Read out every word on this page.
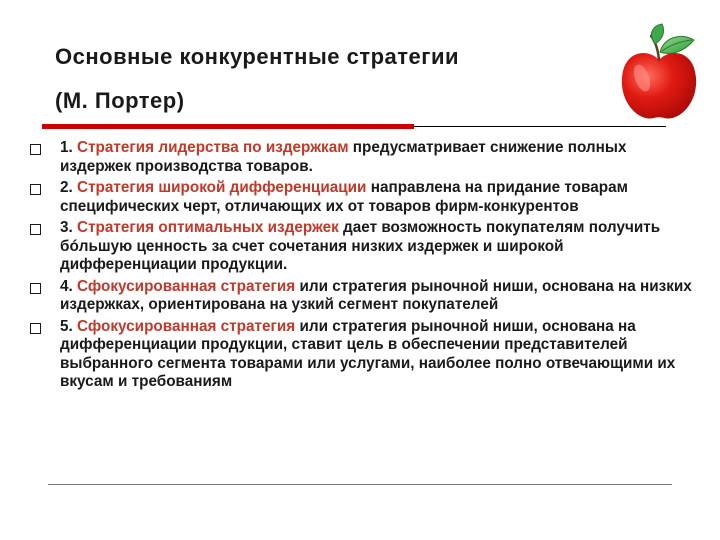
Основные конкурентные стратегии
(М. Портер)
1. Стратегия лидерства по издержкам предусматривает снижение полных издержек производства товаров.
2. Стратегия широкой дифференциации направлена на придание товарам специфических черт, отличающих их от товаров фирм-конкурентов
3. Стратегия оптимальных издержек дает возможность покупателям получить бóльшую ценность за счет сочетания низких издержек и широкой дифференциации продукции.
4. Сфокусированная стратегия или стратегия рыночной ниши, основана на низких издержках, ориентирована на узкий сегмент покупателей
5. Сфокусированная стратегия или стратегия рыночной ниши, основана на дифференциации продукции, ставит цель в обеспечении представителей выбранного сегмента товарами или услугами, наиболее полно отвечающими их вкусам и требованиям
